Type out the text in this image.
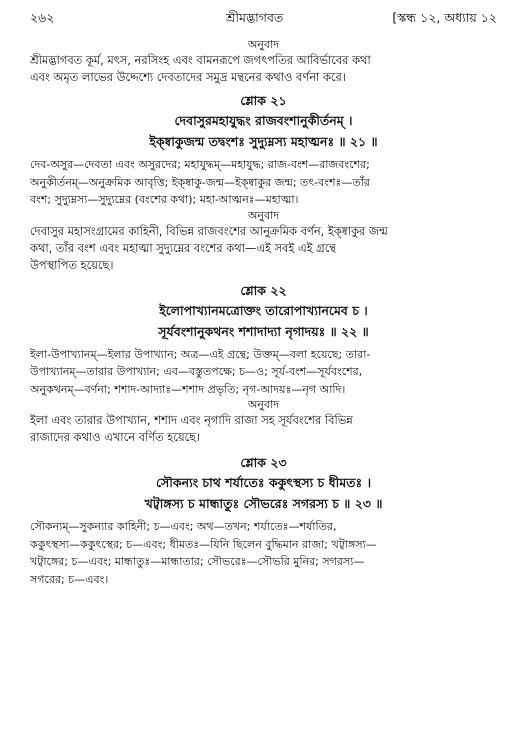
২৬২	শ্রীমদ্ভাগবত	[স্কন্ধ ১২, অধ্যায় ১২
অনুবাদ
শ্রীমদ্ভাগবত কূর্ম, মৎস, নরসিংহ এবং বামনরূপে জগৎপতির আবির্ভাবের কথা
এবং অমৃত লাভের উদ্দেশ্যে দেবতাদের সমুদ্র মন্থনের কথাও বর্ণনা করে।
শ্লোক ২১
দেবাসুরমহাযুদ্ধং রাজবংশানুকীর্তনম্ ।
ইক্ষ্বাকুজন্ম তদ্বংশঃ সুদ্যুম্নস্য মহাত্মনঃ ॥ ২১ ॥
দেব-অসুর—দেবতা এবং অসুরদের; মহাযুদ্ধম্—মহাযুদ্ধ; রাজ-বংশ—রাজবংশের;
অনুকীর্তনম্—অনুক্রমিক আবৃত্তি; ইক্ষ্বাকু-জন্ম—ইক্ষ্বাকুর জন্ম; তৎ-বংশঃ—তাঁর
বংশ; সুদ্যুম্নস্য—সুদ্যুম্নের (বংশের কথা); মহা-আত্মনঃ—মহাত্মা।
অনুবাদ
দেবাসুর মহাসংগ্রামের কাহিনী, বিভিন্ন রাজবংশের আনুক্রমিক বর্ণন, ইক্ষ্বাকুর জন্ম
কথা, তাঁর বংশ এবং মহাত্মা সুদ্যুম্নের বংশের কথা—এই সবই এই গ্রন্থে
উপস্থাপিত হয়েছে।
শ্লোক ২২
ইলোপাখ্যানমত্রোক্তং তারোপাখ্যানমেব চ ।
সূর্যবংশানুকথনং শশাদাদ্যা নৃগাদয়ঃ ॥ ২২ ॥
ইলা-উপাখ্যানম্—ইলার উপাখ্যান; অত্র—এই গ্রন্থে; উক্তম্—বলা হয়েছে; তারা-
উপাখ্যানম্—তারার উপাখ্যান; এব—বস্তুতপক্ষে; চ—ও; সূর্য-বংশ—সূর্যবংশের,
অনুকথনম্—বর্ণনা; শশাদ-আদ্যাঃ—শশাদ প্রভৃতি; নৃগ-আদয়ঃ—নৃগ আদি।
অনুবাদ
ইলা এবং তারার উপাখ্যান, শশাদ এবং নৃগাদি রাজা সহ সূর্যবংশের বিভিন্ন
রাজাদের কথাও এখানে বর্ণিত হয়েছে।
শ্লোক ২৩
সৌকন্যং চাথ শর্যাতেঃ ককুৎস্থস্য চ ধীমতঃ ।
খট্বাঙ্গস্য চ মান্ধাতুঃ সৌভরেঃ সগরস্য চ ॥ ২৩ ॥
সৌকন্যম্—সুকন্যার কাহিনী; চ—এবং; অথ—তখন; শর্যাতেঃ—শর্যাতির,
ককুৎস্থস্য—ককুৎস্থের; চ—এবং; ধীমতঃ—যিনি ছিলেন বুদ্ধিমান রাজা; খট্বাঙ্গস্য—
খট্বাঙ্গের; চ—এবং; মান্ধাতুঃ—মান্ধাতার; সৌভরেঃ—সৌভরি মুনির; সগরস্য—
সগরের; চ—এবং।
